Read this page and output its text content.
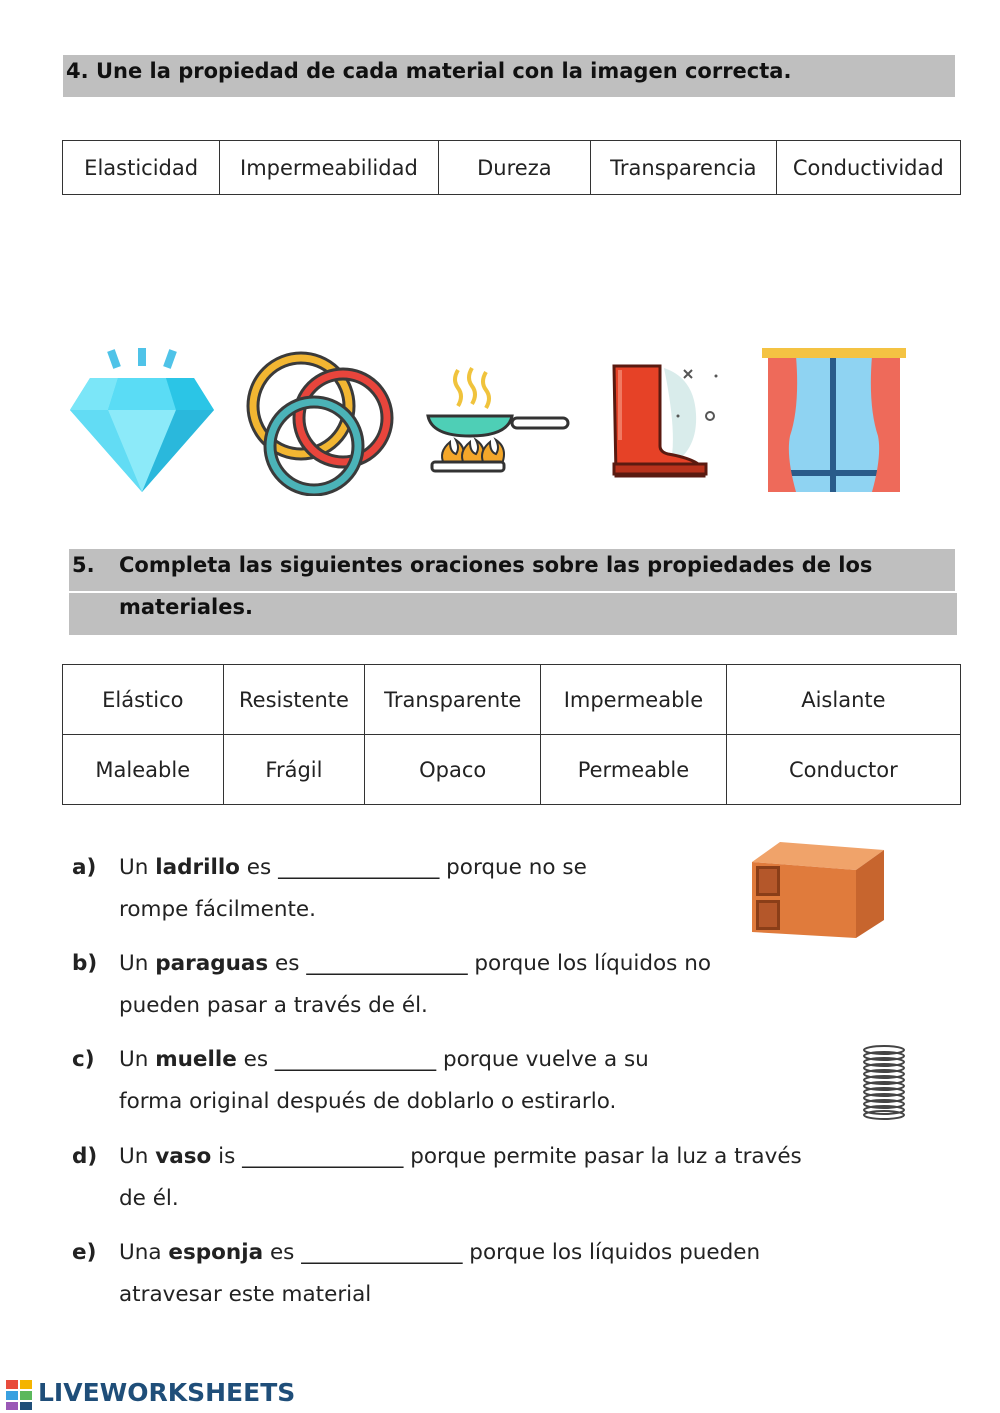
4. Une la propiedad de cada material con la imagen correcta.
Elasticidad	Impermeabilidad	Dureza	Transparencia	Conductividad
5. Completa las siguientes oraciones sobre las propiedades de los
materiales.
Elástico	Resistente	Transparente	Impermeable	Aislante
Maleable	Frágil	Opaco	Permeable	Conductor
a) Un ladrillo es _______________ porque no se
rompe fácilmente.
b) Un paraguas es _______________ porque los líquidos no
pueden pasar a través de él.
c) Un muelle es _______________ porque vuelve a su
forma original después de doblarlo o estirarlo.
d) Un vaso is _______________ porque permite pasar la luz a través
de él.
e) Una esponja es _______________ porque los líquidos pueden
atravesar este material
LIVEWORKSHEETS
